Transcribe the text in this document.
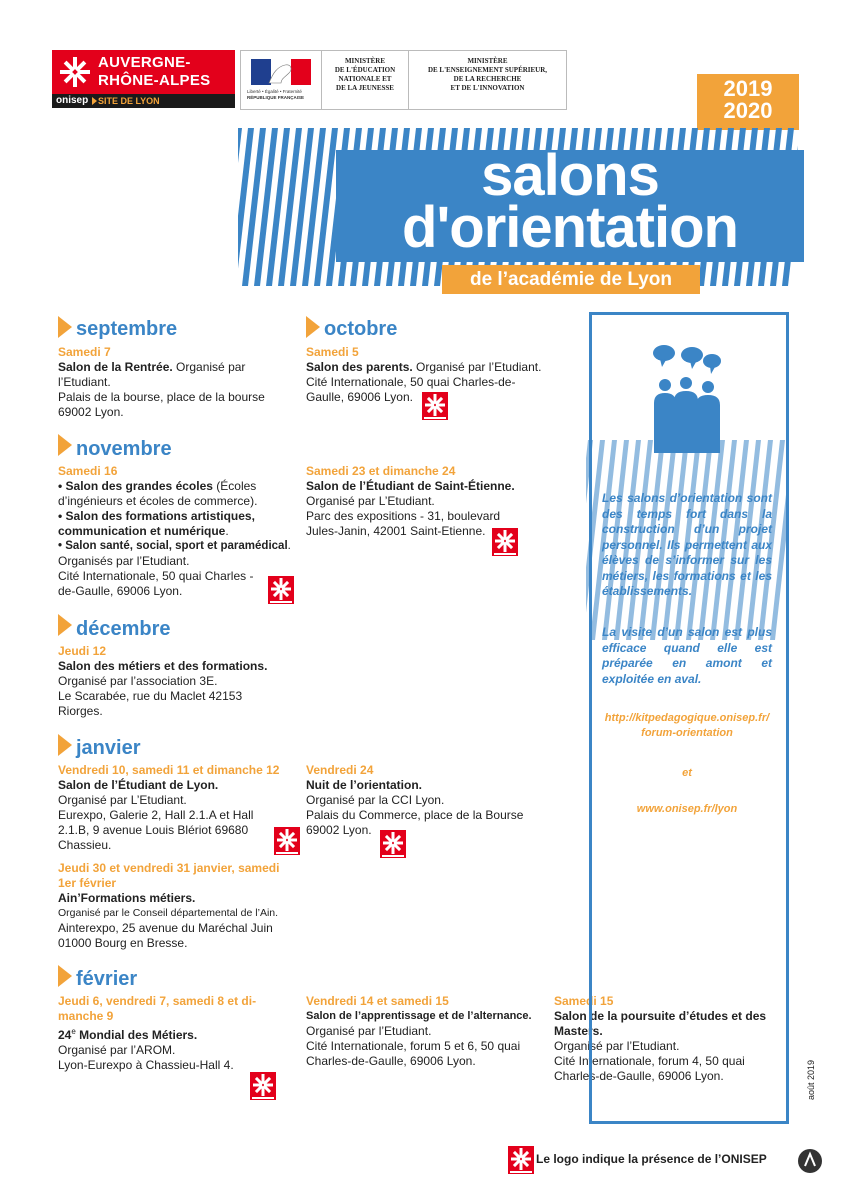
AUVERGNE-
RHÔNE-ALPES
onisep SITE DE LYON
Liberté • Égalité • Fraternité
RÉPUBLIQUE FRANÇAISE
MINISTÈRE
DE L'ÉDUCATION
NATIONALE ET
DE LA JEUNESSE
MINISTÈRE
DE L'ENSEIGNEMENT SUPÉRIEUR,
DE LA RECHERCHE
ET DE L'INNOVATION	2019
2020
salons
d'orientation
de l’académie de Lyon
septembre
Samedi 7
Salon de la Rentrée. Organisé par l’Etudiant.
Palais de la bourse, place de la bourse 69002 Lyon.
octobre
Samedi 5
Salon des parents. Organisé par l’Etudiant.
Cité Internationale, 50 quai Charles-de-Gaulle, 69006 Lyon.
novembre
Samedi 16
• Salon des grandes écoles (Écoles d’ingénieurs et écoles de commerce).
• Salon des formations artistiques, communication et numérique.
• Salon santé, social, sport et paramédical.
Organisés par l’Etudiant.
Cité Internationale, 50 quai Charles -de-Gaulle, 69006 Lyon.
Samedi 23 et dimanche 24
Salon de l’Étudiant de Saint-Étienne.
Organisé par L’Etudiant.
Parc des expositions - 31, boulevard Jules-Janin, 42001 Saint-Etienne.
décembre
Jeudi 12
Salon des métiers et des formations.
Organisé par l’association 3E.
Le Scarabée, rue du Maclet 42153 Riorges.
janvier
Vendredi 10, samedi 11 et dimanche 12
Salon de l’Étudiant de Lyon.
Organisé par L’Etudiant.
Eurexpo, Galerie 2, Hall 2.1.A et Hall 2.1.B, 9 avenue Louis Blériot 69680 Chassieu.
Vendredi 24
Nuit de l’orientation.
Organisé par la CCI Lyon.
Palais du Commerce, place de la Bourse 69002 Lyon.
Jeudi 30 et vendredi 31 janvier, samedi 1er février
Ain’Formations métiers.
Organisé par le Conseil départemental de l’Ain.
Ainterexpo, 25 avenue du Maréchal Juin 01000 Bourg en Bresse.
février
Jeudi 6, vendredi 7, samedi 8 et di-manche 9
24e Mondial des Métiers.
Organisé par l’AROM.
Lyon-Eurexpo à Chassieu-Hall 4.
Vendredi 14 et samedi 15
Salon de l’apprentissage et de l’alternance.
Organisé par l’Etudiant.
Cité Internationale, forum 5 et 6, 50 quai Charles-de-Gaulle, 69006 Lyon.
Samedi 15
Salon de la poursuite d’études et des Masters.
Organisé par l’Etudiant.
Cité Internationale, forum 4, 50 quai Charles-de-Gaulle, 69006 Lyon.
Les salons d’orientation sont des temps fort dans la construction d’un projet personnel. Ils permettent aux élèves de s’informer sur les métiers, les formations et les établissements.
La visite d’un salon est plus efficace quand elle est préparée en amont et exploitée en aval.
http://kitpedagogique.onisep.fr/
forum-orientation
et
www.onisep.fr/lyon
Le logo indique la présence de l’ONISEP
août 2019
